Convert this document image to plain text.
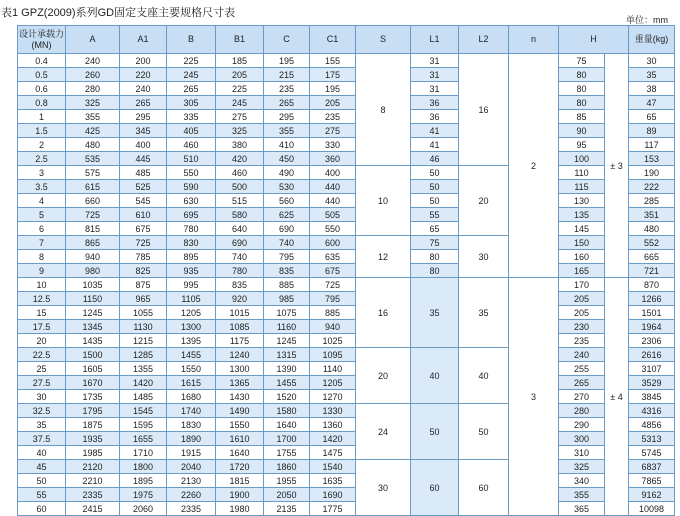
表1 GPZ(2009)系列GD固定支座主要规格尺寸表
单位：mm
设计承载力(MN)	A	A1	B	B1	C	C1	S	L1	L2	n	H		重量(kg)
0.4	240	200	225	185	195	155	8	31	16	2	75	± 3	30
0.5	260	220	245	205	215	175		31			80		35
0.6	280	240	265	225	235	195		31			80		38
0.8	325	265	305	245	265	205		36			80		47
1	355	295	335	275	295	235		36			85		65
1.5	425	345	405	325	355	275		41			90		89
2	480	400	460	380	410	330		41			95		117
2.5	535	445	510	420	450	360		46			100		153
3	575	485	550	460	490	400	10	50	20		110		190
3.5	615	525	590	500	530	440		50			115		222
4	660	545	630	515	560	440		50			130		285
5	725	610	695	580	625	505		55			135		351
6	815	675	780	640	690	550		65			145		480
7	865	725	830	690	740	600	12	75	30		150		552
8	940	785	895	740	795	635		80			160		665
9	980	825	935	780	835	675		80			165		721
10	1035	875	995	835	885	725	16	35	35	3	170	± 4	870
12.5	1150	965	1105	920	985	795					205		1266
15	1245	1055	1205	1015	1075	885					205		1501
17.5	1345	1130	1300	1085	1160	940					230		1964
20	1435	1215	1395	1175	1245	1025					235		2306
22.5	1500	1285	1455	1240	1315	1095	20	40	40		240		2616
25	1605	1355	1550	1300	1390	1140					255		3107
27.5	1670	1420	1615	1365	1455	1205					265		3529
30	1735	1485	1680	1430	1520	1270					270		3845
32.5	1795	1545	1740	1490	1580	1330	24	50	50		280		4316
35	1875	1595	1830	1550	1640	1360					290		4856
37.5	1935	1655	1890	1610	1700	1420					300		5313
40	1985	1710	1915	1640	1755	1475					310		5745
45	2120	1800	2040	1720	1860	1540	30	60	60		325		6837
50	2210	1895	2130	1815	1955	1635					340		7865
55	2335	1975	2260	1900	2050	1690					355		9162
60	2415	2060	2335	1980	2135	1775					365		10098
